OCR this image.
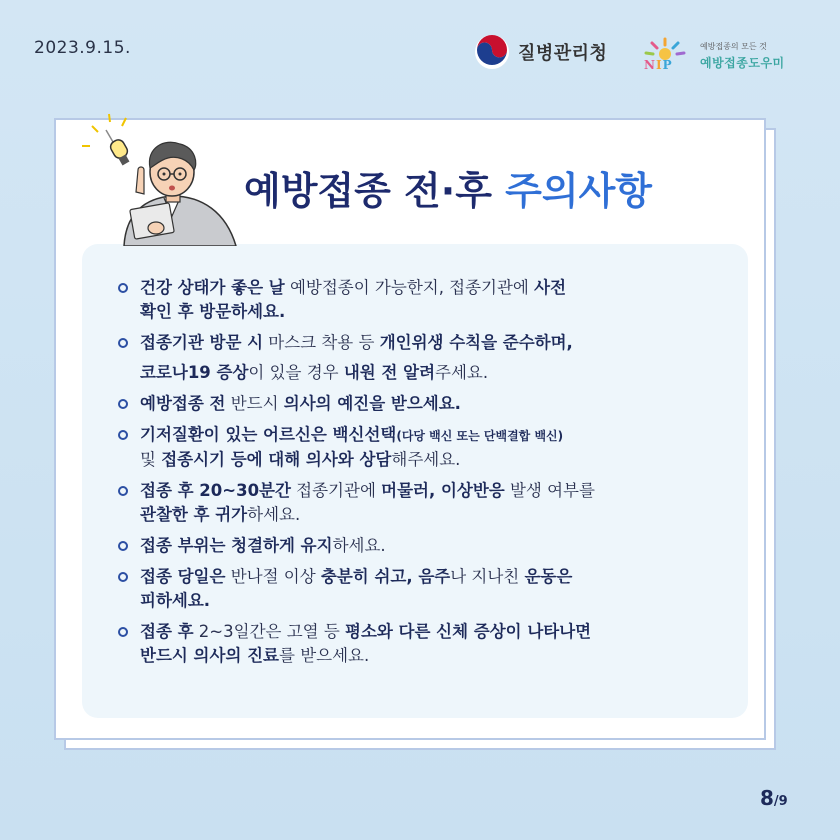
2023.9.15.	질병관리청
NIP
예방접종의 모든 것
예방접종도우미
예방접종 전·후 주의사항
건강 상태가 좋은 날 예방접종이 가능한지, 접종기관에 사전
확인 후 방문하세요.
접종기관 방문 시 마스크 착용 등 개인위생 수칙을 준수하며,
코로나19 증상이 있을 경우 내원 전 알려주세요.
예방접종 전 반드시 의사의 예진을 받으세요.
기저질환이 있는 어르신은 백신선택(다당 백신 또는 단백결합 백신)
및 접종시기 등에 대해 의사와 상담해주세요.
접종 후 20~30분간 접종기관에 머물러, 이상반응 발생 여부를
관찰한 후 귀가하세요.
접종 부위는 청결하게 유지하세요.
접종 당일은 반나절 이상 충분히 쉬고, 음주나 지나친 운동은
피하세요.
접종 후 2~3일간은 고열 등 평소와 다른 신체 증상이 나타나면
반드시 의사의 진료를 받으세요.
8/9
